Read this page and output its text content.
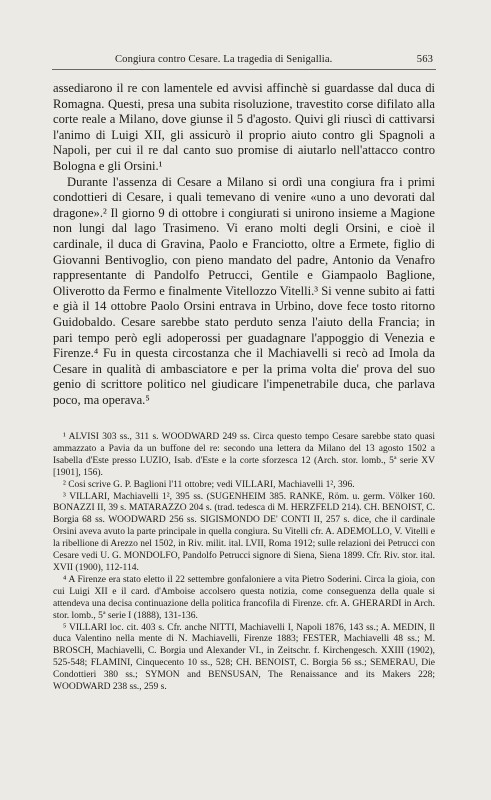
Congiura contro Cesare. La tragedia di Senigallia.	563

assediarono il re con lamentele ed avvisi affinchè si guardasse dal duca di Romagna. Questi, presa una subita risoluzione, travestito corse difilato alla corte reale a Milano, dove giunse il 5 d'agosto. Quivi gli riuscì di cattivarsi l'animo di Luigi XII, gli assicurò il proprio aiuto contro gli Spagnoli a Napoli, per cui il re dal canto suo promise di aiutarlo nell'attacco contro Bologna e gli Orsini.¹

Durante l'assenza di Cesare a Milano si ordì una congiura fra i primi condottieri di Cesare, i quali temevano di venire «uno a uno devorati dal dragone».² Il giorno 9 di ottobre i congiurati si unirono insieme a Magione non lungi dal lago Trasimeno. Vi erano molti degli Orsini, e cioè il cardinale, il duca di Gravina, Paolo e Franciotto, oltre a Ermete, figlio di Giovanni Bentivoglio, con pieno mandato del padre, Antonio da Venafro rappresentante di Pandolfo Petrucci, Gentile e Giampaolo Baglione, Oliverotto da Fermo e finalmente Vitellozzo Vitelli.³ Si venne subito ai fatti e già il 14 ottobre Paolo Orsini entrava in Urbino, dove fece tosto ritorno Guidobaldo. Cesare sarebbe stato perduto senza l'aiuto della Francia; in pari tempo però egli adoperossi per guadagnare l'appoggio di Venezia e Firenze.⁴ Fu in questa circostanza che il Machiavelli si recò ad Imola da Cesare in qualità di ambasciatore e per la prima volta die' prova del suo genio di scrittore politico nel giudicare l'impenetrabile duca, che parlava poco, ma operava.⁵

¹ ALVISI 303 ss., 311 s. WOODWARD 249 ss. Circa questo tempo Cesare sarebbe stato quasi ammazzato a Pavia da un buffone del re: secondo una lettera da Milano del 13 agosto 1502 a Isabella d'Este presso LUZIO, Isab. d'Este e la corte sforzesca 12 (Arch. stor. lomb., 5ª serie XV [1901], 156).

² Cosi scrive G. P. Baglioni l'11 ottobre; vedi VILLARI, Machiavelli 1², 396.

³ VILLARI, Machiavelli 1², 395 ss. (SUGENHEIM 385. RANKE, Röm. u. germ. Völker 160. BONAZZI II, 39 s. MATARAZZO 204 s. (trad. tedesca di M. HERZFELD 214). CH. BENOIST, C. Borgia 68 ss. WOODWARD 256 ss. SIGISMONDO DE' CONTI II, 257 s. dice, che il cardinale Orsini aveva avuto la parte principale in quella congiura. Su Vitelli cfr. A. ADEMOLLO, V. Vitelli e la ribellione di Arezzo nel 1502, in Riv. milit. ital. LVII, Roma 1912; sulle relazioni dei Petrucci con Cesare vedi U. G. MONDOLFO, Pandolfo Petrucci signore di Siena, Siena 1899. Cfr. Riv. stor. ital. XVII (1900), 112-114.

⁴ A Firenze era stato eletto il 22 settembre gonfaloniere a vita Pietro Soderini. Circa la gioia, con cui Luigi XII e il card. d'Amboise accolsero questa notizia, come conseguenza della quale si attendeva una decisa continuazione della politica francofila di Firenze. cfr. A. GHERARDI in Arch. stor. lomb., 5ª serie I (1888), 131-136.

⁵ VILLARI loc. cit. 403 s. Cfr. anche NITTI, Machiavelli I, Napoli 1876, 143 ss.; A. MEDIN, Il duca Valentino nella mente di N. Machiavelli, Firenze 1883; FESTER, Machiavelli 48 ss.; M. BROSCH, Machiavelli, C. Borgia und Alexander VI., in Zeitschr. f. Kirchengesch. XXIII (1902), 525-548; FLAMINI, Cinquecento 10 ss., 528; CH. BENOIST, C. Borgia 56 ss.; SEMERAU, Die Condottieri 380 ss.; SYMON and BENSUSAN, The Renaissance and its Makers 228; WOODWARD 238 ss., 259 s.
